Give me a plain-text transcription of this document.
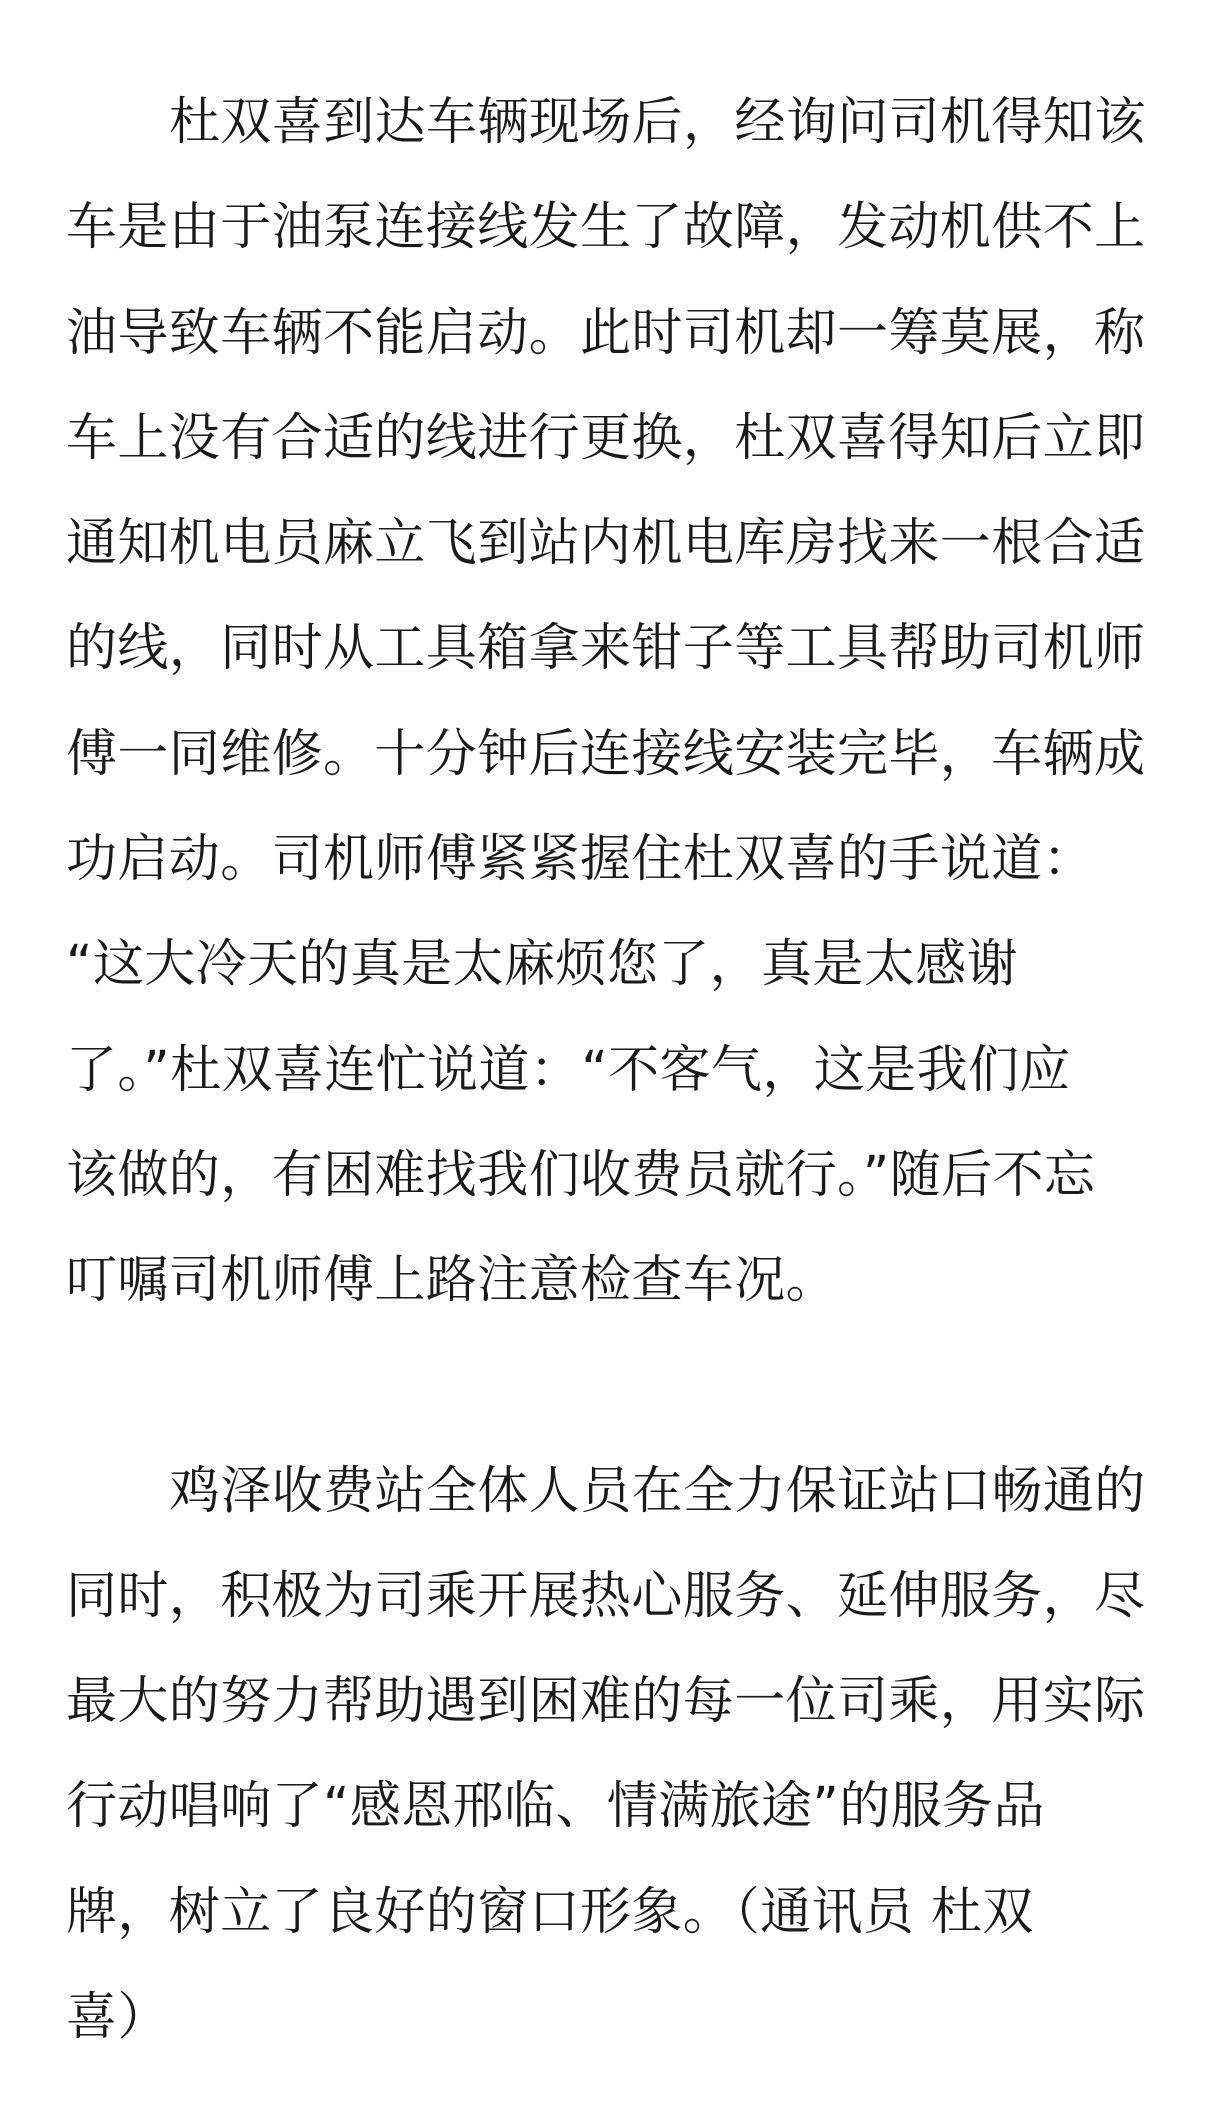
杜双喜到达车辆现场后，经询问司机得知该
车是由于油泵连接线发生了故障，发动机供不上
油导致车辆不能启动。此时司机却一筹莫展，称
车上没有合适的线进行更换，杜双喜得知后立即
通知机电员麻立飞到站内机电库房找来一根合适
的线，同时从工具箱拿来钳子等工具帮助司机师
傅一同维修。十分钟后连接线安装完毕，车辆成
功启动。司机师傅紧紧握住杜双喜的手说道：
“这大冷天的真是太麻烦您了，真是太感谢
了。”杜双喜连忙说道：“不客气，这是我们应
该做的，有困难找我们收费员就行。”随后不忘
叮嘱司机师傅上路注意检查车况。
鸡泽收费站全体人员在全力保证站口畅通的
同时，积极为司乘开展热心服务、延伸服务，尽
最大的努力帮助遇到困难的每一位司乘，用实际
行动唱响了“感恩邢临、情满旅途”的服务品
牌，树立了良好的窗口形象。（通讯员 杜双
喜）
